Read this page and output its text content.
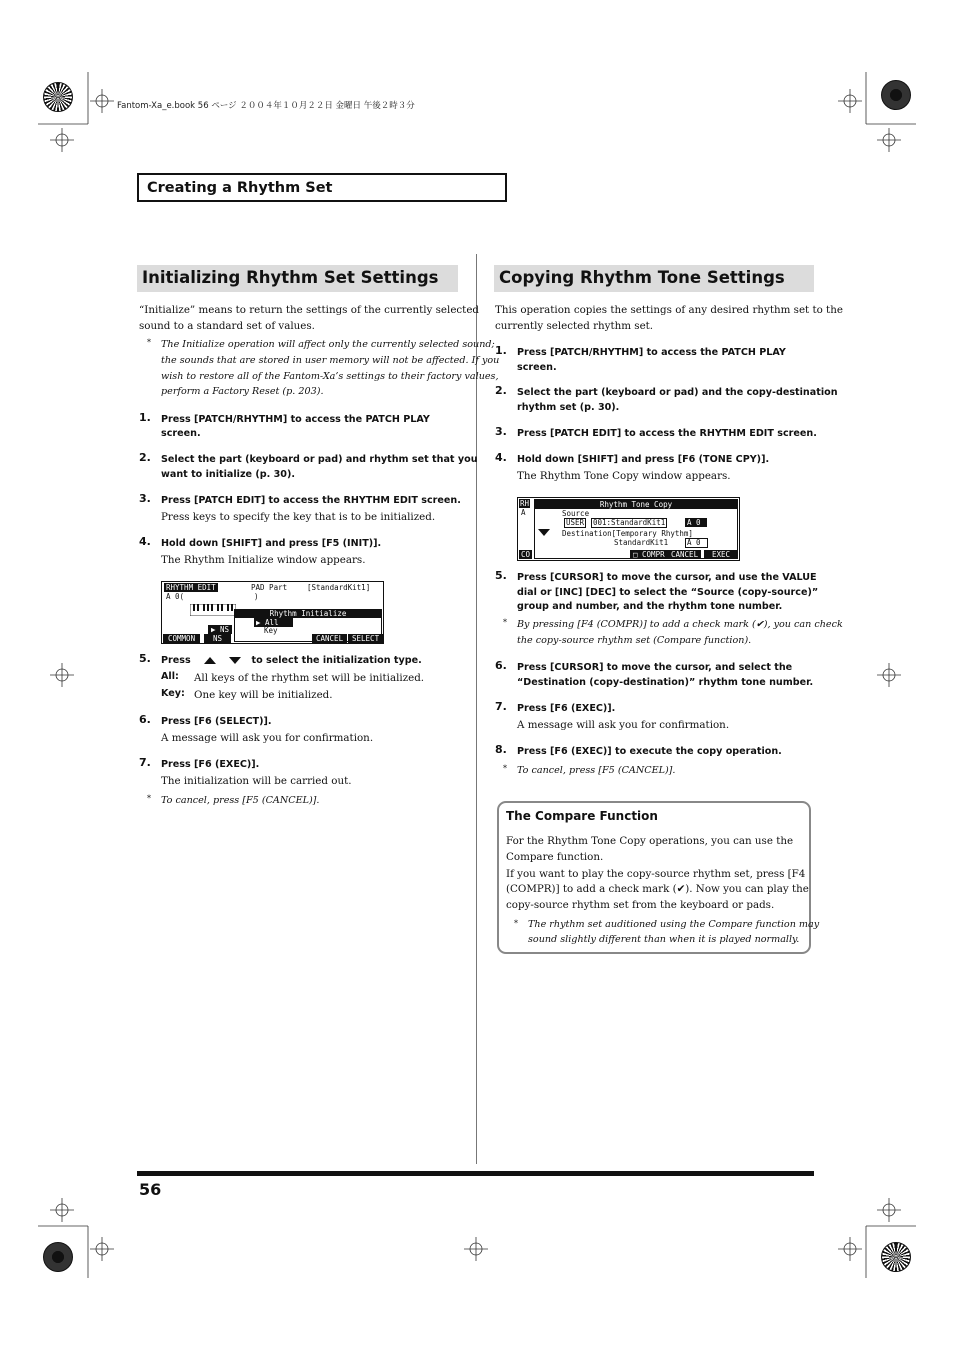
Fantom-Xa_e.book 56 ページ ２００４年１０月２２日 金曜日 午後２時３分
Creating a Rhythm Set
Initializing Rhythm Set Settings
“Initialize” means to return the settings of the currently selected
sound to a standard set of values.
* The Initialize operation will affect only the currently selected sound;
the sounds that are stored in user memory will not be affected. If you
wish to restore all of the Fantom-Xa’s settings to their factory values,
perform a Factory Reset (p. 203).
1. Press [PATCH/RHYTHM] to access the PATCH PLAY
screen.
2. Select the part (keyboard or pad) and rhythm set that you
want to initialize (p. 30).
3. Press [PATCH EDIT] to access the RHYTHM EDIT screen.
Press keys to specify the key that is to be initialized.
4. Hold down [SHIFT] and press [F5 (INIT)].
The Rhythm Initialize window appears.
RHYTHM EDIT	PAD Part	[StandardKit1]
A 0(	)
▶ NS
Rhythm Initialize
▶ All
Key
COMMON	NS	CANCEL	SELECT
5. Press	to select the initialization type.
All: All keys of the rhythm set will be initialized.
Key: One key will be initialized.
6. Press [F6 (SELECT)].
A message will ask you for confirmation.
7. Press [F6 (EXEC)].
The initialization will be carried out.
* To cancel, press [F5 (CANCEL)].
Copying Rhythm Tone Settings
This operation copies the settings of any desired rhythm set to the
currently selected rhythm set.
1. Press [PATCH/RHYTHM] to access the PATCH PLAY
screen.
2. Select the part (keyboard or pad) and the copy-destination
rhythm set (p. 30).
3. Press [PATCH EDIT] to access the RHYTHM EDIT screen.
4. Hold down [SHIFT] and press [F6 (TONE CPY)].
The Rhythm Tone Copy window appears.
RH
A
Rhythm Tone Copy
Source
USER 001:StandardKit1	A 0
Destination[Temporary Rhythm]
StandardKit1	A 0
CO	□ COMPR CANCEL	EXEC
5. Press [CURSOR] to move the cursor, and use the VALUE
dial or [INC] [DEC] to select the “Source (copy-source)”
group and number, and the rhythm tone number.
* By pressing [F4 (COMPR)] to add a check mark (✔), you can check
the copy-source rhythm set (Compare function).
6. Press [CURSOR] to move the cursor, and select the
“Destination (copy-destination)” rhythm tone number.
7. Press [F6 (EXEC)].
A message will ask you for confirmation.
8. Press [F6 (EXEC)] to execute the copy operation.
* To cancel, press [F5 (CANCEL)].
The Compare Function
For the Rhythm Tone Copy operations, you can use the
Compare function.
If you want to play the copy-source rhythm set, press [F4
(COMPR)] to add a check mark (✔). Now you can play the
copy-source rhythm set from the keyboard or pads.
* The rhythm set auditioned using the Compare function may
sound slightly different than when it is played normally.
56
